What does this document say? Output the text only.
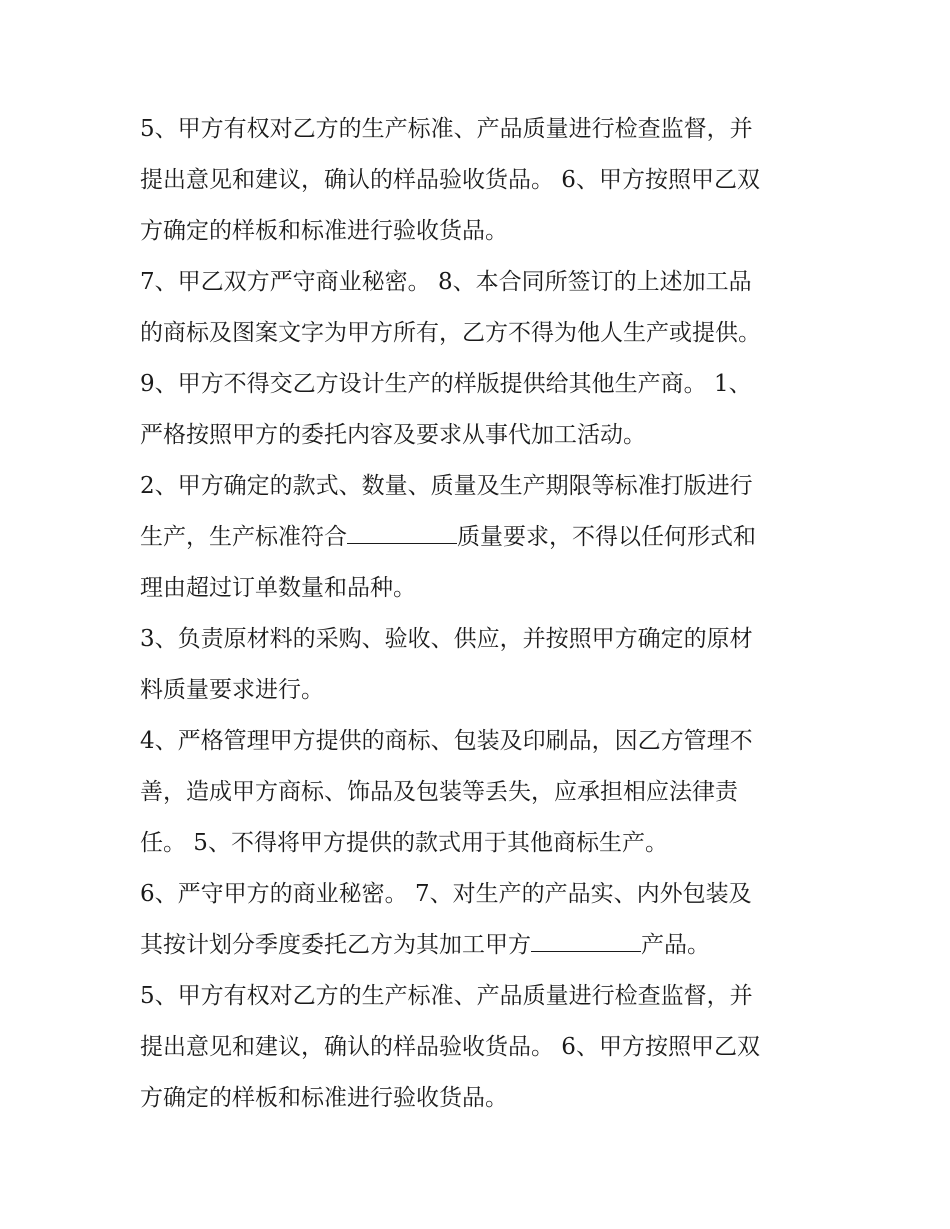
5、甲方有权对乙方的生产标准、产品质量进行检查监督，并
提出意见和建议，确认的样品验收货品。 6、甲方按照甲乙双
方确定的样板和标准进行验收货品。
7、甲乙双方严守商业秘密。 8、本合同所签订的上述加工品
的商标及图案文字为甲方所有，乙方不得为他人生产或提供。
9、甲方不得交乙方设计生产的样版提供给其他生产商。 1、
严格按照甲方的委托内容及要求从事代加工活动。
2、甲方确定的款式、数量、质量及生产期限等标准打版进行
生产，生产标准符合	质量要求，不得以任何形式和
理由超过订单数量和品种。
3、负责原材料的采购、验收、供应，并按照甲方确定的原材
料质量要求进行。
4、严格管理甲方提供的商标、包装及印刷品，因乙方管理不
善，造成甲方商标、饰品及包装等丢失，应承担相应法律责
任。 5、不得将甲方提供的款式用于其他商标生产。
6、严守甲方的商业秘密。 7、对生产的产品实、内外包装及
其按计划分季度委托乙方为其加工甲方	产品。
5、甲方有权对乙方的生产标准、产品质量进行检查监督，并
提出意见和建议，确认的样品验收货品。 6、甲方按照甲乙双
方确定的样板和标准进行验收货品。
